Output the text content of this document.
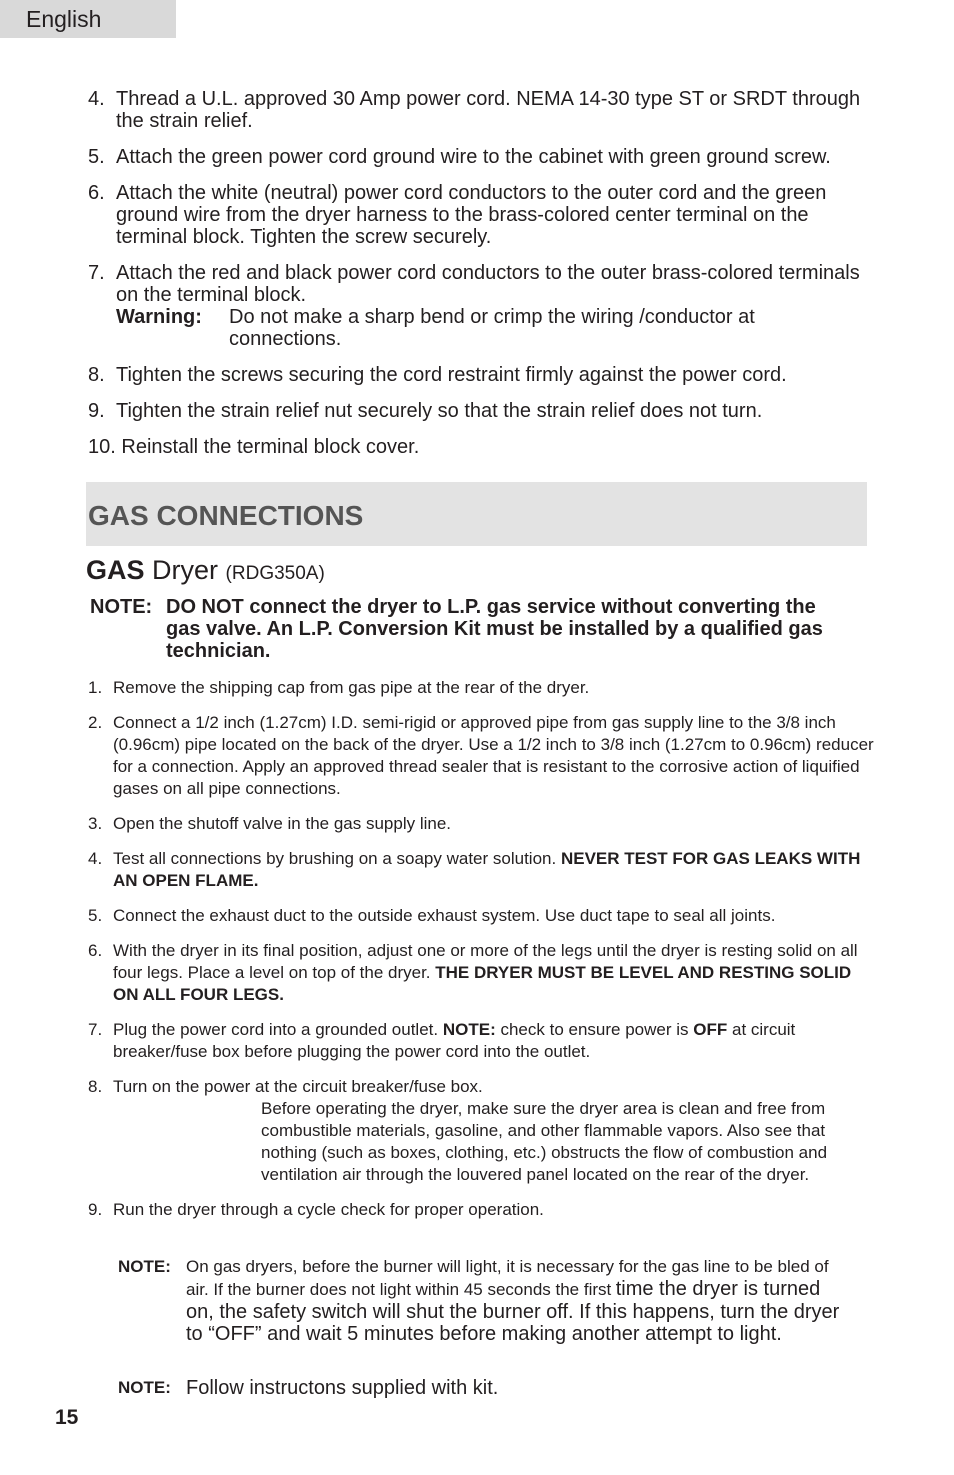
English
4. Thread a U.L. approved 30 Amp power cord. NEMA 14-30 type ST or SRDT through the strain relief.
5. Attach the green power cord ground wire to the cabinet with green ground screw.
6. Attach the white (neutral) power cord conductors to the outer cord and the green ground wire from the dryer harness to the brass-colored center terminal on the terminal block. Tighten the screw securely.
7. Attach the red and black power cord conductors to the outer brass-colored terminals on the terminal block.
Warning:	Do not make a sharp bend or crimp the wiring /conductor at connections.
8. Tighten the screws securing the cord restraint firmly against the power cord.
9. Tighten the strain relief nut securely so that the strain relief does not turn.
10. Reinstall the terminal block cover.
GAS CONNECTIONS
GAS Dryer (RDG350A)
NOTE: DO NOT connect the dryer to L.P. gas service without converting the gas valve. An L.P. Conversion Kit must be installed by a qualified gas technician.
1. Remove the shipping cap from gas pipe at the rear of the dryer.
2. Connect a 1/2 inch (1.27cm) I.D. semi-rigid or approved pipe from gas supply line to the 3/8 inch (0.96cm) pipe located on the back of the dryer. Use a 1/2 inch to 3/8 inch (1.27cm to 0.96cm) reducer for a connection. Apply an approved thread sealer that is resistant to the corrosive action of liquified gases on all pipe connections.
3. Open the shutoff valve in the gas supply line.
4. Test all connections by brushing on a soapy water solution. NEVER TEST FOR GAS LEAKS WITH AN OPEN FLAME.
5. Connect the exhaust duct to the outside exhaust system. Use duct tape to seal all joints.
6. With the dryer in its final position, adjust one or more of the legs until the dryer is resting solid on all four legs. Place a level on top of the dryer. THE DRYER MUST BE LEVEL AND RESTING SOLID ON ALL FOUR LEGS.
7. Plug the power cord into a grounded outlet. NOTE: check to ensure power is OFF at circuit breaker/fuse box before plugging the power cord into the outlet.
8. Turn on the power at the circuit breaker/fuse box.
Before operating the dryer, make sure the dryer area is clean and free from combustible materials, gasoline, and other flammable vapors. Also see that nothing (such as boxes, clothing, etc.) obstructs the flow of combustion and ventilation air through the louvered panel located on the rear of the dryer.
9. Run the dryer through a cycle check for proper operation.
NOTE: On gas dryers, before the burner will light, it is necessary for the gas line to be bled of air. If the burner does not light within 45 seconds the first time the dryer is turned on, the safety switch will shut the burner off. If this happens, turn the dryer to “OFF” and wait 5 minutes before making another attempt to light.
NOTE: Follow instructons supplied with kit.
15
